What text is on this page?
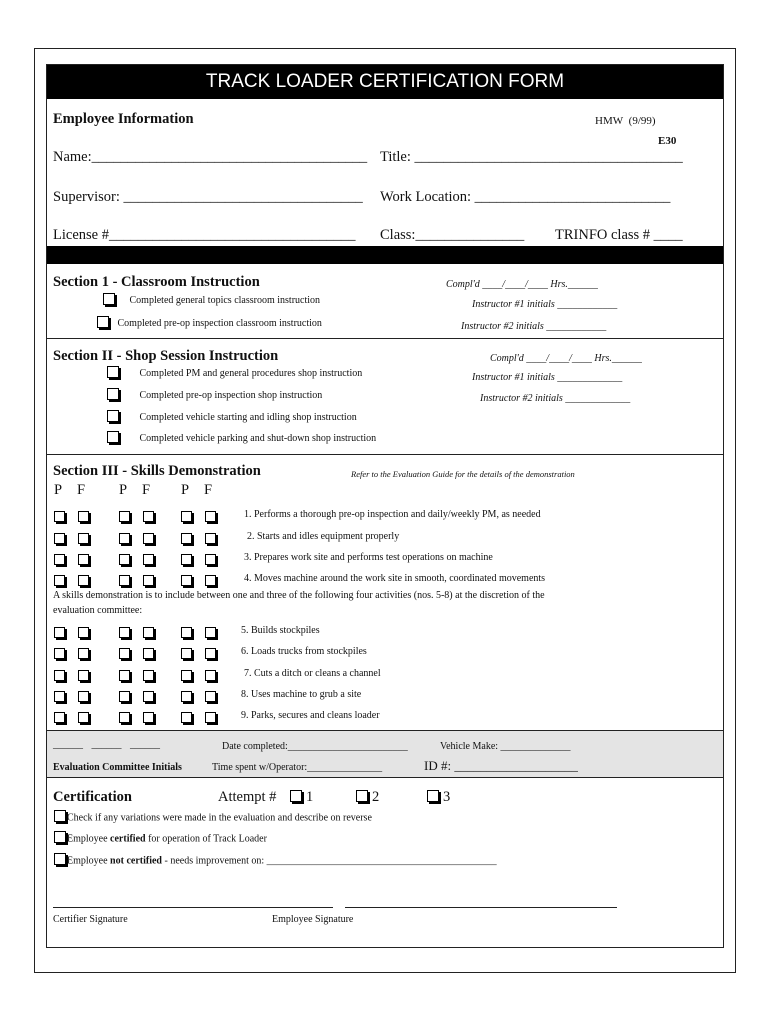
TRACK LOADER CERTIFICATION FORM
Employee Information	HMW (9/99)
E30
Name:______________________________________ Title: _____________________________________
Supervisor: _________________________________ Work Location: ___________________________
License #__________________________________ Class:_______________ TRINFO class # ____
Section 1 - Classroom Instruction	Compl'd ____/____/____ Hrs.______
Completed general topics classroom instruction	Instructor #1 initials ____________
Completed pre-op inspection classroom instruction	Instructor #2 initials ____________
Section II - Shop Session Instruction	Compl'd ____/____/____ Hrs.______
Completed PM and general procedures shop instruction	Instructor #1 initials _____________
Completed pre-op inspection shop instruction	Instructor #2 initials _____________
Completed vehicle starting and idling shop instruction
Completed vehicle parking and shut-down shop instruction
Section III - Skills Demonstration	Refer to the Evaluation Guide for the details of the demonstration
P F P F P F
1. Performs a thorough pre-op inspection and daily/weekly PM, as needed
2. Starts and idles equipment properly
3. Prepares work site and performs test operations on machine
4. Moves machine around the work site in smooth, coordinated movements
A skills demonstration is to include between one and three of the following four activities (nos. 5-8) at the discretion of the
evaluation committee:
5. Builds stockpiles
6. Loads trucks from stockpiles
7. Cuts a ditch or cleans a channel
8. Uses machine to grub a site
9. Parks, secures and cleans loader
______ ______ ______	Date completed:________________________	Vehicle Make: ______________
Evaluation Committee Initials	Time spent w/Operator:_______________	ID #: ___________________
Certification	Attempt #	1	2	3
Check if any variations were made in the evaluation and describe on reverse
Employee certified for operation of Track Loader
Employee not certified - needs improvement on: ______________________________________________
Certifier Signature	Employee Signature
